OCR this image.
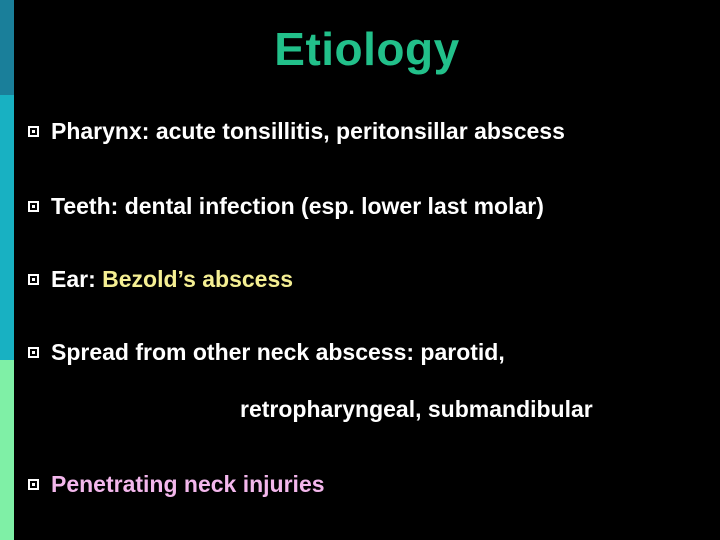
Etiology
Pharynx: acute tonsillitis, peritonsillar abscess
Teeth: dental infection (esp. lower last molar)
Ear: Bezold’s abscess
Spread from other neck abscess: parotid,
retropharyngeal, submandibular
Penetrating neck injuries
